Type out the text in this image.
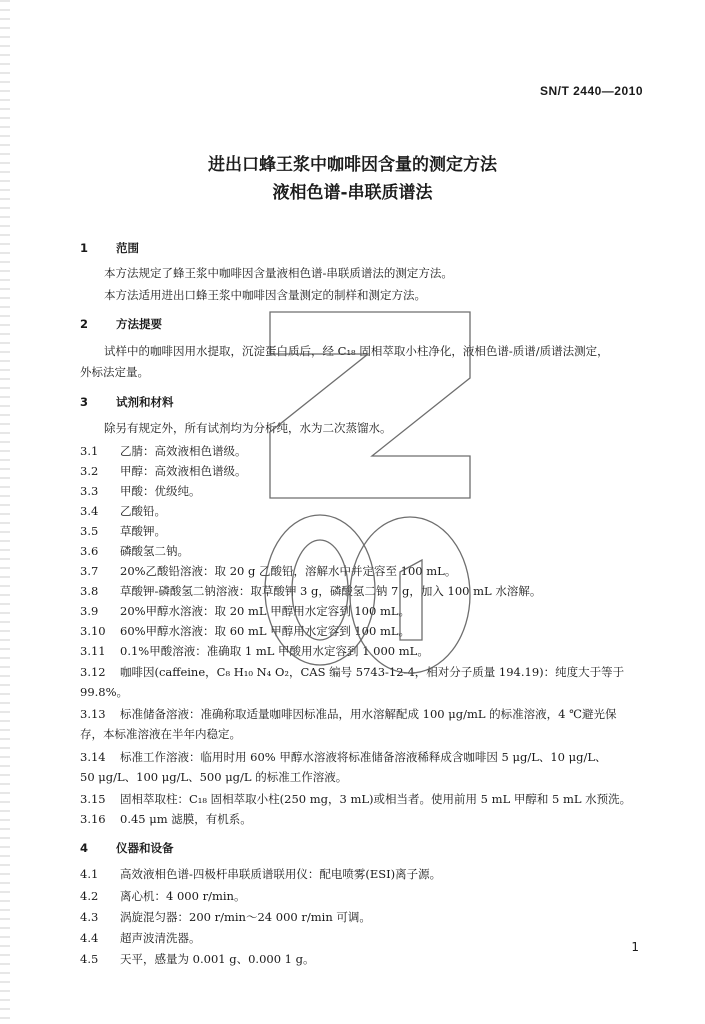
SN/T 2440—2010
进出口蜂王浆中咖啡因含量的测定方法
液相色谱-串联质谱法
1 范围
本方法规定了蜂王浆中咖啡因含量液相色谱-串联质谱法的测定方法。
本方法适用进出口蜂王浆中咖啡因含量测定的制样和测定方法。
2 方法提要
试样中的咖啡因用水提取，沉淀蛋白质后，经 C₁₈ 固相萃取小柱净化，液相色谱-质谱/质谱法测定，
外标法定量。
3 试剂和材料
除另有规定外，所有试剂均为分析纯，水为二次蒸馏水。
3.1 乙腈：高效液相色谱级。
3.2 甲醇：高效液相色谱级。
3.3 甲酸：优级纯。
3.4 乙酸铅。
3.5 草酸钾。
3.6 磷酸氢二钠。
3.7 20%乙酸铅溶液：取 20 g 乙酸铅，溶解水中并定容至 100 mL。
3.8 草酸钾-磷酸氢二钠溶液：取草酸钾 3 g，磷酸氢二钠 7 g，加入 100 mL 水溶解。
3.9 20%甲醇水溶液：取 20 mL 甲醇用水定容到 100 mL。
3.10 60%甲醇水溶液：取 60 mL 甲醇用水定容到 100 mL。
3.11 0.1%甲酸溶液：准确取 1 mL 甲酸用水定容到 1 000 mL。
3.12 咖啡因(caffeine，C₈ H₁₀ N₄ O₂，CAS 编号 5743-12-4，相对分子质量 194.19)：纯度大于等于
99.8%。
3.13 标准储备溶液：准确称取适量咖啡因标准品，用水溶解配成 100 μg/mL 的标准溶液，4 ℃避光保
存，本标准溶液在半年内稳定。
3.14 标准工作溶液：临用时用 60% 甲醇水溶液将标准储备溶液稀释成含咖啡因 5 μg/L、10 μg/L、
50 μg/L、100 μg/L、500 μg/L 的标准工作溶液。
3.15 固相萃取柱：C₁₈ 固相萃取小柱(250 mg，3 mL)或相当者。使用前用 5 mL 甲醇和 5 mL 水预洗。
3.16 0.45 μm 滤膜，有机系。
4 仪器和设备
4.1 高效液相色谱-四极杆串联质谱联用仪：配电喷雾(ESI)离子源。
4.2 离心机：4 000 r/min。
4.3 涡旋混匀器：200 r/min～24 000 r/min 可调。
4.4 超声波清洗器。
4.5 天平，感量为 0.001 g、0.000 1 g。
1
